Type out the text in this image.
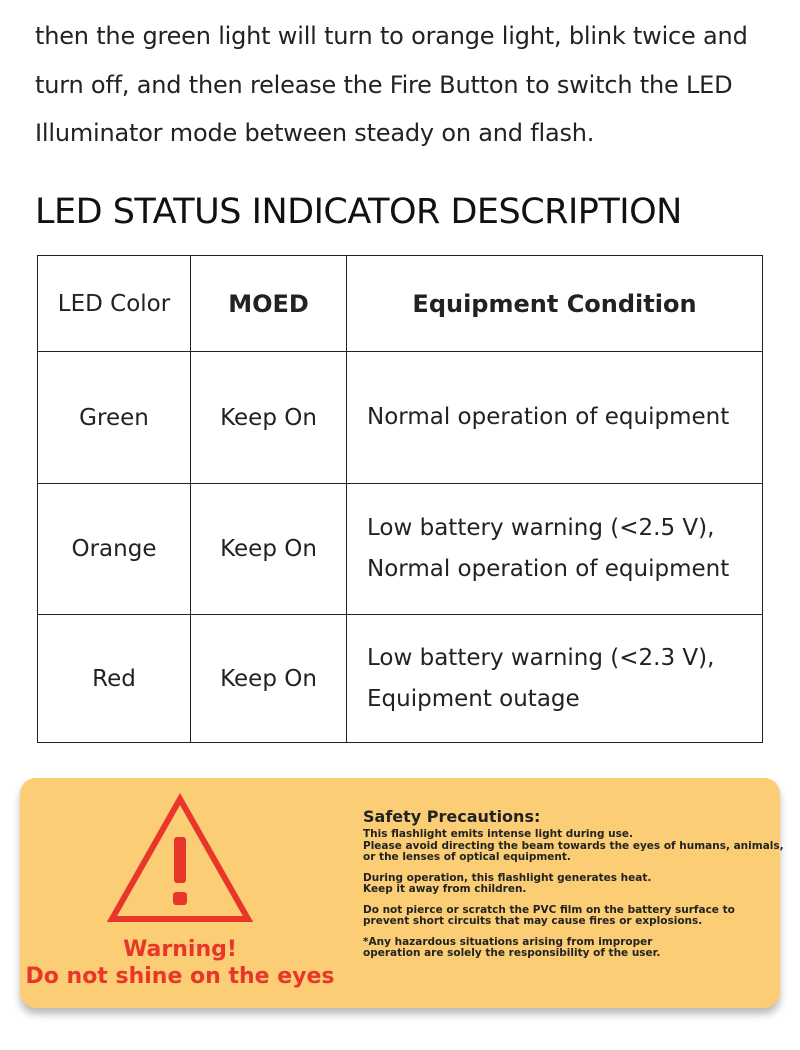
then the green light will turn to orange light, blink twice and
turn off, and then release the Fire Button to switch the LED
Illuminator mode between steady on and flash.
LED STATUS INDICATOR DESCRIPTION
LED Color	MOED	Equipment Condition
Green	Keep On	Normal operation of equipment

Orange	Keep On	Low battery warning (<2.5 V),
Normal operation of equipment

Red	Keep On	Low battery warning (<2.3 V),
Equipment outage
Warning!
Do not shine on the eyes
Safety Precautions:
This flashlight emits intense light during use.
Please avoid directing the beam towards the eyes of humans, animals,
or the lenses of optical equipment.
During operation, this flashlight generates heat.
Keep it away from children.
Do not pierce or scratch the PVC film on the battery surface to
prevent short circuits that may cause fires or explosions.
*Any hazardous situations arising from improper
operation are solely the responsibility of the user.
